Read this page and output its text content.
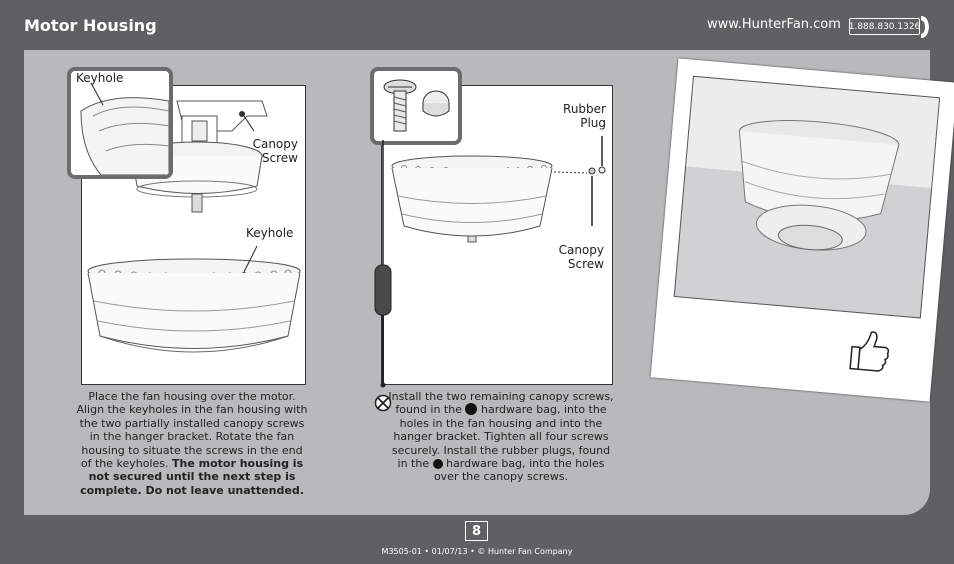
Motor Housing	www.HunterFan.com 1.888.830.1326
Keyhole
Canopy
Screw
Keyhole
Place the fan housing over the motor. Align the keyholes in the fan housing with the two partially installed canopy screws in the hanger bracket. Rotate the fan housing to situate the screws in the end of the keyholes. The motor housing is not secured until the next step is complete. Do not leave unattended.
Rubber
Plug
Canopy
Screw
Install the two remaining canopy screws, found in the hardware bag, into the holes in the fan housing and into the hanger bracket. Tighten all four screws securely. Install the rubber plugs, found in the hardware bag, into the holes over the canopy screws.
8
M3505-01 • 01/07/13 • © Hunter Fan Company
